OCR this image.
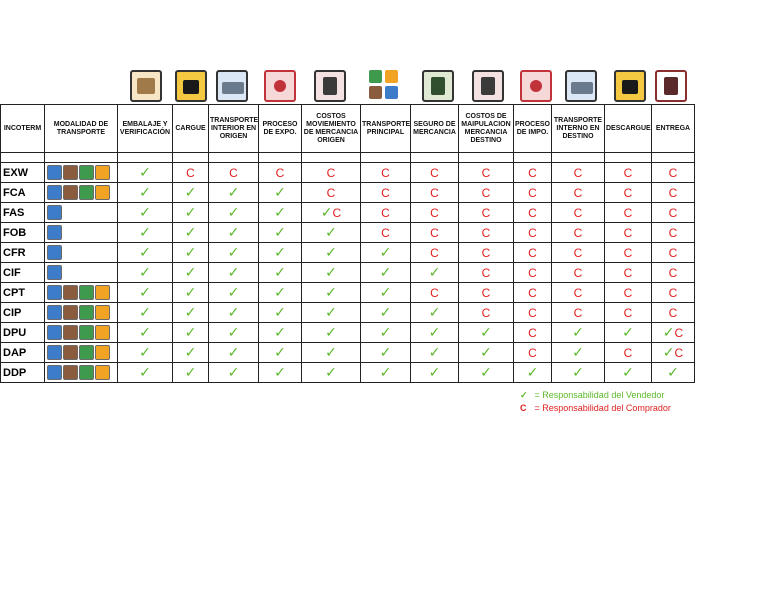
INCOTERM	MODALIDAD DE TRANSPORTE	EMBALAJE Y VERIFICACIÓN	CARGUE	TRANSPORTE INTERIOR EN ORIGEN	PROCESO DE EXPO.	COSTOS MOVIEMIENTO DE MERCANCIA ORIGEN	TRANSPORTE PRINCIPAL	SEGURO DE MERCANCIA	COSTOS DE MAIPULACION MERCANCIA DESTINO	PROCESO DE IMPO.	TRANSPORTE INTERNO EN DESTINO	DESCARGUE	ENTREGA

EXW		✓	C	C	C	C	C	C	C	C	C	C	C
FCA		✓	✓	✓	✓	C	C	C	C	C	C	C	C
FAS		✓	✓	✓	✓	✓C	C	C	C	C	C	C	C
FOB		✓	✓	✓	✓	✓	C	C	C	C	C	C	C
CFR		✓	✓	✓	✓	✓	✓	C	C	C	C	C	C
CIF		✓	✓	✓	✓	✓	✓	✓	C	C	C	C	C
CPT		✓	✓	✓	✓	✓	✓	C	C	C	C	C	C
CIP		✓	✓	✓	✓	✓	✓	✓	C	C	C	C	C
DPU		✓	✓	✓	✓	✓	✓	✓	✓	C	✓	✓	✓C
DAP		✓	✓	✓	✓	✓	✓	✓	✓	C	✓	C	✓C
DDP		✓	✓	✓	✓	✓	✓	✓	✓	✓	✓	✓	✓
✓ = Responsabilidad del Vendedor
C = Responsabilidad del Comprador
